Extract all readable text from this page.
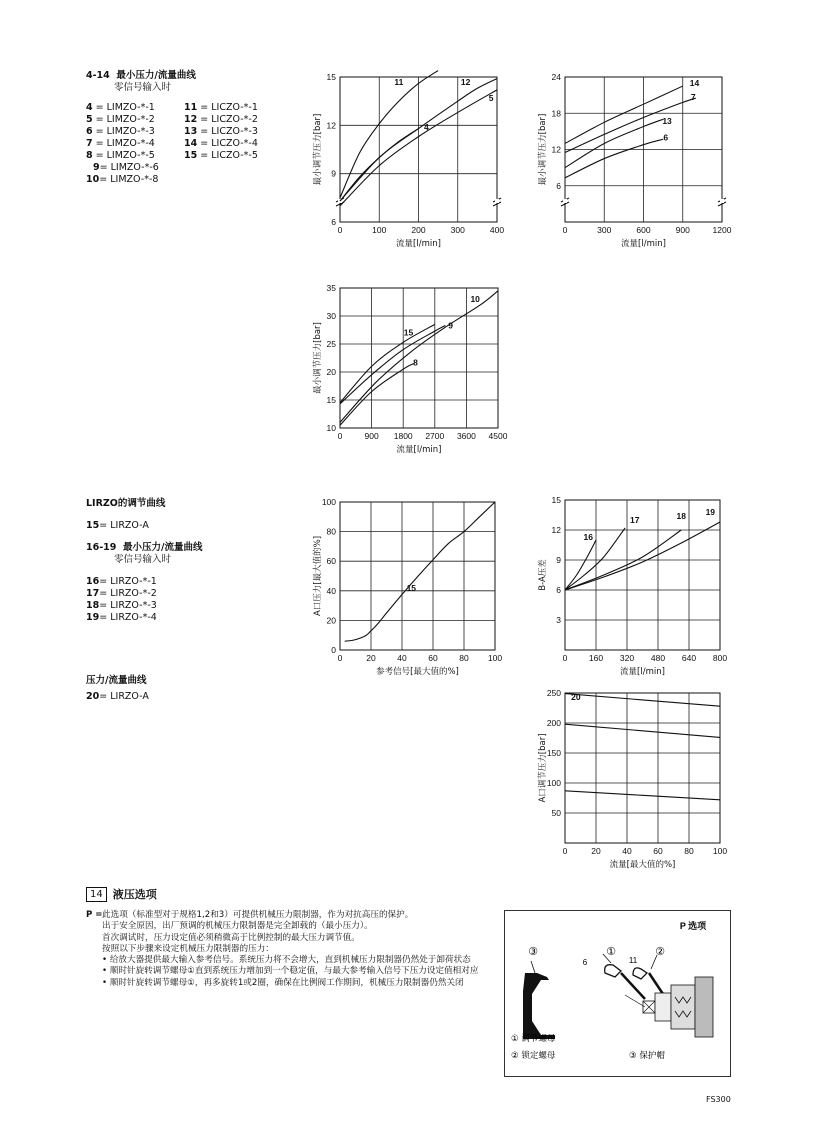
4-14 最小压力/流量曲线
零信号输入时
4 = LIMZO-*-1	11 = LICZO-*-1
5 = LIMZO-*-2	12 = LICZO-*-2
6 = LIMZO-*-3	13 = LICZO-*-3
7 = LIMZO-*-4	14 = LICZO-*-4
8 = LIMZO-*-5	15 = LICZO-*-5
9= LIMZO-*-6
10= LIMZO-*-8
LIRZO的调节曲线
15= LIRZO-A
16-19 最小压力/流量曲线
零信号输入时
16= LIRZO-*-1
17= LIRZO-*-2
18= LIRZO-*-3
19= LIRZO-*-4
压力/流量曲线
20= LIRZO-A
0	100	200	300	400
6
9
12
15
11	12
5
4
流量[l/min]
最小调节压力[bar]
0	300	600	900	1200
6
12
18
24
14
7
13
6
流量[l/min]
最小调节压力[bar]
0	900 1800 2700 3600 4500
10
15
20
25
30
35
10
15
9
8
流量[l/min]
最小调节压力[bar]
0	20	40	60	80 100
0
20
40
60
80
100
15
参考信号[最大值的%]
A口压力[最大值的%]
0	160 320 480 640 800
3
6
9
12
15
16
17	18 19
流量[l/min]
B-A压差
0	20	40	60	80 100
50
100
150
200
250 20
流量[最大值的%]
A口调节压力[bar]
14 液压选项
P = 此选项（标准型对于规格1,2和3）可提供机械压力限制器，作为对抗高压的保护。
出于安全原因，出厂预调的机械压力限制器是完全卸载的（最小压力）。
首次调试时，压力设定值必须稍微高于比例控制的最大压力调节值。
按照以下步骤来设定机械压力限制器的压力：
• 给放大器提供最大输入参考信号。系统压力将不会增大，直到机械压力限制器仍然处于卸荷状态
• 顺时针旋转调节螺母①直到系统压力增加到一个稳定值，与最大参考输入信号下压力设定值相对应
• 顺时针旋转调节螺母①，再多旋转1或2圈，确保在比例阀工作期间，机械压力限制器仍然关闭
P 选项
③	①	②
6	11
① 调节螺母
② 锁定螺母	③ 保护帽
FS300
